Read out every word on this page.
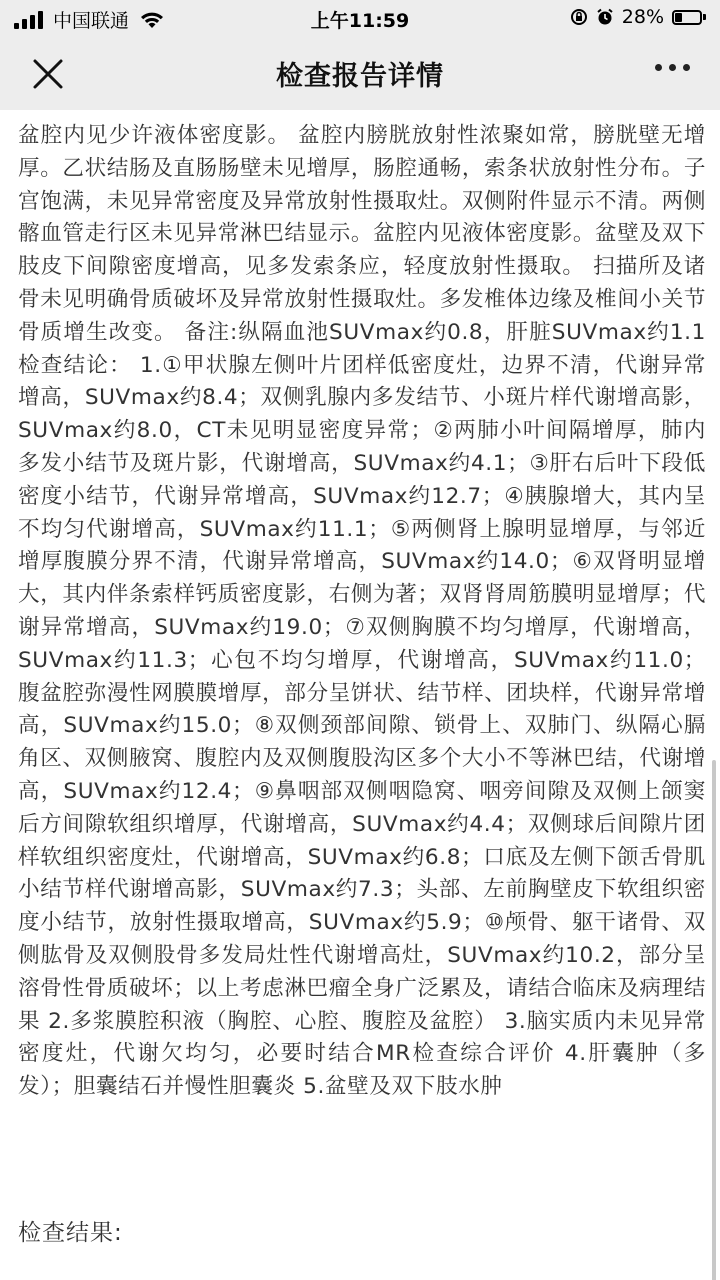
中国联通	上午11:59	28%
检查报告详情

盆腔内见少许液体密度影。 盆腔内膀胱放射性浓聚如常，膀胱壁无增厚。乙状结肠及直肠肠壁未见增厚，肠腔通畅，索条状放射性分布。子宫饱满，未见异常密度及异常放射性摄取灶。双侧附件显示不清。两侧髂血管走行区未见异常淋巴结显示。盆腔内见液体密度影。盆壁及双下肢皮下间隙密度增高，见多发索条应，轻度放射性摄取。 扫描所及诸骨未见明确骨质破坏及异常放射性摄取灶。多发椎体边缘及椎间小关节骨质增生改变。 备注:纵隔血池SUVmax约0.8，肝脏SUVmax约1.1 检查结论： 1.①甲状腺左侧叶片团样低密度灶，边界不清，代谢异常增高，SUVmax约8.4；双侧乳腺内多发结节、小斑片样代谢增高影，SUVmax约8.0，CT未见明显密度异常；②两肺小叶间隔增厚，肺内多发小结节及斑片影，代谢增高，SUVmax约4.1；③肝右后叶下段低密度小结节，代谢异常增高，SUVmax约12.7；④胰腺增大，其内呈不均匀代谢增高，SUVmax约11.1；⑤两侧肾上腺明显增厚，与邻近增厚腹膜分界不清，代谢异常增高，SUVmax约14.0；⑥双肾明显增大，其内伴条索样钙质密度影，右侧为著；双肾肾周筋膜明显增厚；代谢异常增高，SUVmax约19.0；⑦双侧胸膜不均匀增厚，代谢增高，SUVmax约11.3；心包不均匀增厚，代谢增高，SUVmax约11.0；腹盆腔弥漫性网膜膜增厚，部分呈饼状、结节样、团块样，代谢异常增高，SUVmax约15.0；⑧双侧颈部间隙、锁骨上、双肺门、纵隔心膈角区、双侧腋窝、腹腔内及双侧腹股沟区多个大小不等淋巴结，代谢增高，SUVmax约12.4；⑨鼻咽部双侧咽隐窝、咽旁间隙及双侧上颌窦后方间隙软组织增厚，代谢增高，SUVmax约4.4；双侧球后间隙片团样软组织密度灶，代谢增高，SUVmax约6.8；口底及左侧下颌舌骨肌小结节样代谢增高影，SUVmax约7.3；头部、左前胸壁皮下软组织密度小结节，放射性摄取增高，SUVmax约5.9；⑩颅骨、躯干诸骨、双侧肱骨及双侧股骨多发局灶性代谢增高灶，SUVmax约10.2，部分呈溶骨性骨质破坏；以上考虑淋巴瘤全身广泛累及，请结合临床及病理结果 2.多浆膜腔积液（胸腔、心腔、腹腔及盆腔） 3.脑实质内未见异常密度灶，代谢欠均匀，必要时结合MR检查综合评价 4.肝囊肿（多发）；胆囊结石并慢性胆囊炎 5.盆壁及双下肢水肿

检查结果:
